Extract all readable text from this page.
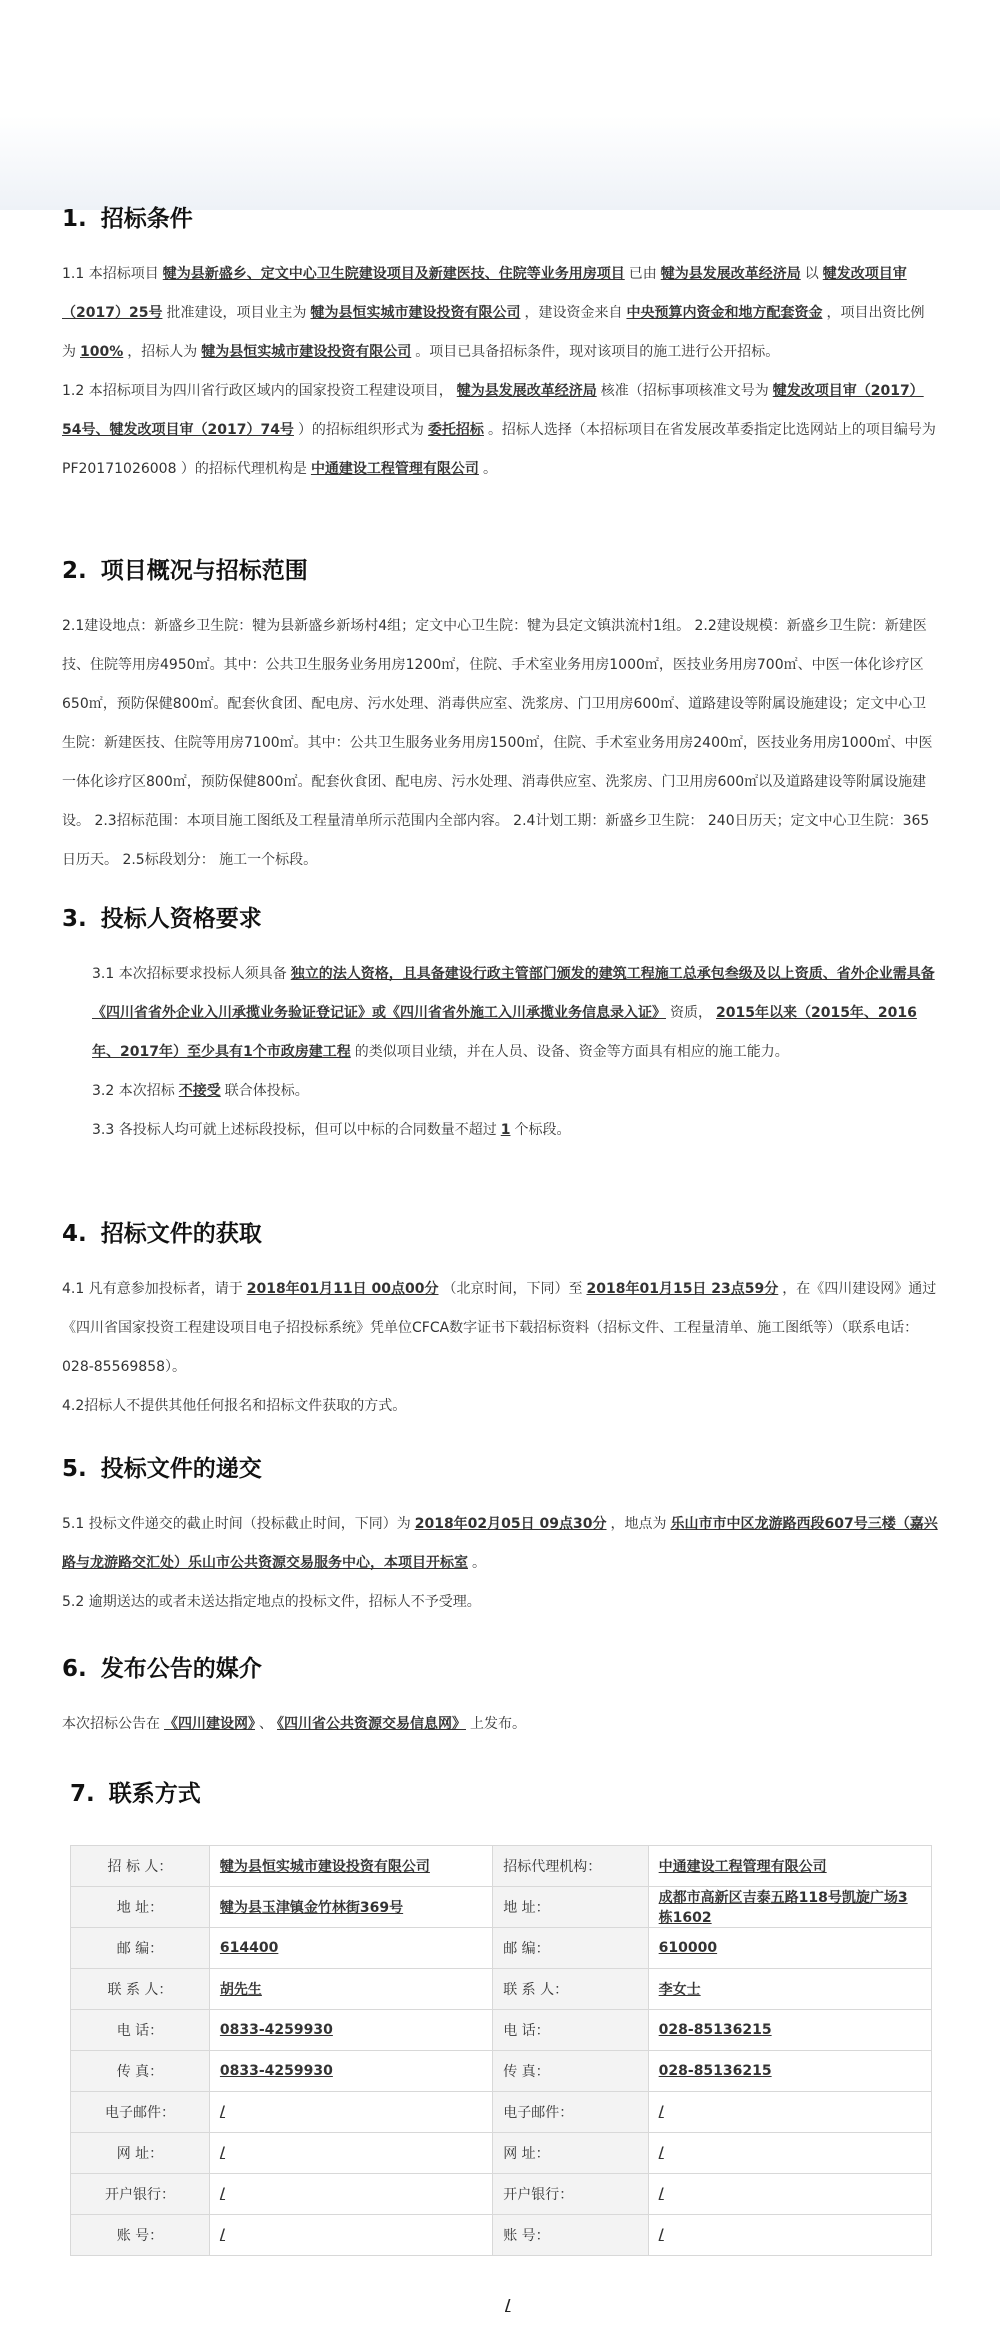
1. 招标条件

1.1 本招标项目 犍为县新盛乡、定文中心卫生院建设项目及新建医技、住院等业务用房项目 已由 犍为县发展改革经济局 以 犍发改项目审（2017）25号 批准建设，项目业主为 犍为县恒实城市建设投资有限公司 ，建设资金来自 中央预算内资金和地方配套资金 ，项目出资比例为 100% ，招标人为 犍为县恒实城市建设投资有限公司 。项目已具备招标条件，现对该项目的施工进行公开招标。

1.2 本招标项目为四川省行政区域内的国家投资工程建设项目， 犍为县发展改革经济局 核准（招标事项核准文号为 犍发改项目审（2017）54号、犍发改项目审（2017）74号 ）的招标组织形式为 委托招标 。招标人选择（本招标项目在省发展改革委指定比选网站上的项目编号为 PF20171026008 ）的招标代理机构是 中通建设工程管理有限公司 。

2. 项目概况与招标范围

2.1建设地点：新盛乡卫生院：犍为县新盛乡新场村4组；定文中心卫生院：犍为县定文镇洪流村1组。 2.2建设规模：新盛乡卫生院：新建医技、住院等用房4950㎡。其中：公共卫生服务业务用房1200㎡，住院、手术室业务用房1000㎡，医技业务用房700㎡、中医一体化诊疗区650㎡，预防保健800㎡。配套伙食团、配电房、污水处理、消毒供应室、洗浆房、门卫用房600㎡、道路建设等附属设施建设；定文中心卫生院：新建医技、住院等用房7100㎡。其中：公共卫生服务业务用房1500㎡，住院、手术室业务用房2400㎡，医技业务用房1000㎡、中医一体化诊疗区800㎡，预防保健800㎡。配套伙食团、配电房、污水处理、消毒供应室、洗浆房、门卫用房600㎡以及道路建设等附属设施建设。 2.3招标范围：本项目施工图纸及工程量清单所示范围内全部内容。 2.4计划工期：新盛乡卫生院： 240日历天；定文中心卫生院：365日历天。 2.5标段划分： 施工一个标段。

3. 投标人资格要求

3.1 本次招标要求投标人须具备 独立的法人资格，且具备建设行政主管部门颁发的建筑工程施工总承包叁级及以上资质、省外企业需具备《四川省省外企业入川承揽业务验证登记证》或《四川省省外施工入川承揽业务信息录入证》 资质， 2015年以来（2015年、2016年、2017年）至少具有1个市政房建工程 的类似项目业绩，并在人员、设备、资金等方面具有相应的施工能力。

3.2 本次招标 不接受 联合体投标。

3.3 各投标人均可就上述标段投标，但可以中标的合同数量不超过 1 个标段。

4. 招标文件的获取

4.1 凡有意参加投标者，请于 2018年01月11日 00点00分 （北京时间，下同）至 2018年01月15日 23点59分 ，在《四川建设网》通过《四川省国家投资工程建设项目电子招投标系统》凭单位CFCA数字证书下载招标资料（招标文件、工程量清单、施工图纸等）（联系电话：028-85569858）。

4.2招标人不提供其他任何报名和招标文件获取的方式。

5. 投标文件的递交

5.1 投标文件递交的截止时间（投标截止时间，下同）为 2018年02月05日 09点30分 ，地点为 乐山市市中区龙游路西段607号三楼（嘉兴路与龙游路交汇处）乐山市公共资源交易服务中心，本项目开标室 。

5.2 逾期送达的或者未送达指定地点的投标文件，招标人不予受理。

6. 发布公告的媒介

本次招标公告在 《四川建设网》 、 《四川省公共资源交易信息网》 上发布。

7. 联系方式
招 标 人：	犍为县恒实城市建设投资有限公司	招标代理机构：	中通建设工程管理有限公司
地 址：	犍为县玉津镇金竹林街369号	地 址：	成都市高新区吉泰五路118号凯旋广场3栋1602
邮 编：	614400	邮 编：	610000
联 系 人：	胡先生	联 系 人：	李女士
电 话：	0833-4259930	电 话：	028-85136215
传 真：	0833-4259930	传 真：	028-85136215
电子邮件：	/	电子邮件：	/
网 址：	/	网 址：	/
开户银行：	/	开户银行：	/
账 号：	/	账 号：	/
/
